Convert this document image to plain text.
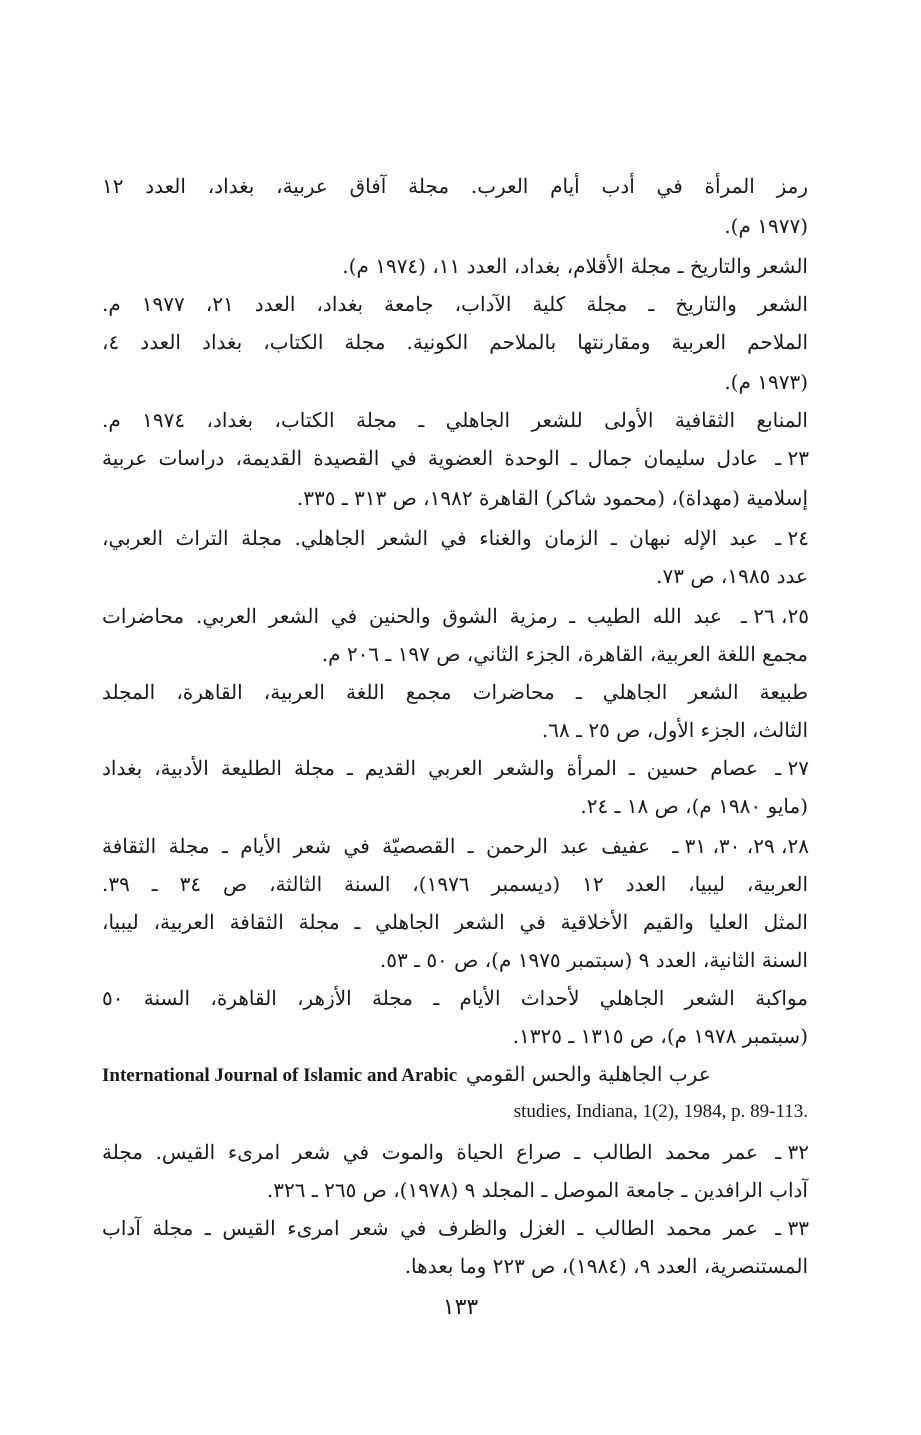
رمز المرأة في أدب أيام العرب. مجلة آفاق عربية، بغداد، العدد ١٢
(١٩٧٧ م).
الشعر والتاريخ ـ مجلة الأقلام، بغداد، العدد ١١، (١٩٧٤ م).
الشعر والتاريخ ـ مجلة كلية الآداب، جامعة بغداد، العدد ٢١، ١٩٧٧ م.
الملاحم العربية ومقارنتها بالملاحم الكونية. مجلة الكتاب، بغداد العدد ٤،
(١٩٧٣ م).
المنابع الثقافية الأولى للشعر الجاهلي ـ مجلة الكتاب، بغداد، ١٩٧٤ م.
٢٣ ـ
عادل سليمان جمال ـ الوحدة العضوية في القصيدة القديمة، دراسات عربية
إسلامية (مهداة)، (محمود شاكر) القاهرة ١٩٨٢، ص ٣١٣ ـ ٣٣٥.
٢٤ ـ
عبد الإله نبهان ـ الزمان والغناء في الشعر الجاهلي. مجلة التراث العربي،
عدد ١٩٨٥، ص ٧٣.
٢٥، ٢٦ ـ
عبد الله الطيب ـ رمزية الشوق والحنين في الشعر العربي. محاضرات
مجمع اللغة العربية، القاهرة، الجزء الثاني، ص ١٩٧ ـ ٢٠٦ م.
طبيعة الشعر الجاهلي ـ محاضرات مجمع اللغة العربية، القاهرة، المجلد
الثالث، الجزء الأول، ص ٢٥ ـ ٦٨.
٢٧ ـ
عصام حسين ـ المرأة والشعر العربي القديم ـ مجلة الطليعة الأدبية، بغداد
(مايو ١٩٨٠ م)، ص ١٨ ـ ٢٤.
٢٨، ٢٩، ٣٠، ٣١ ـ
عفيف عبد الرحمن ـ القصصيّة في شعر الأيام ـ مجلة الثقافة
العربية، ليبيا، العدد ١٢ (ديسمبر ١٩٧٦)، السنة الثالثة، ص ٣٤ ـ ٣٩.
المثل العليا والقيم الأخلاقية في الشعر الجاهلي ـ مجلة الثقافة العربية، ليبيا،
السنة الثانية، العدد ٩ (سبتمبر ١٩٧٥ م)، ص ٥٠ ـ ٥٣.
مواكبة الشعر الجاهلي لأحداث الأيام ـ مجلة الأزهر، القاهرة، السنة ٥٠
(سبتمبر ١٩٧٨ م)، ص ١٣١٥ ـ ١٣٢٥.
٣٢ ـ
عمر محمد الطالب ـ صراع الحياة والموت في شعر امرىء القيس. مجلة
آداب الرافدين ـ جامعة الموصل ـ المجلد ٩ (١٩٧٨)، ص ٢٦٥ ـ ٣٢٦.
٣٣ ـ
عمر محمد الطالب ـ الغزل والظرف في شعر امرىء القيس ـ مجلة آداب
المستنصرية، العدد ٩، (١٩٨٤)، ص ٢٢٣ وما بعدها.
International Journal of Islamic and Arabic عرب الجاهلية والحس القومي
studies, Indiana, 1(2), 1984, p. 89-113.
١٣٣
